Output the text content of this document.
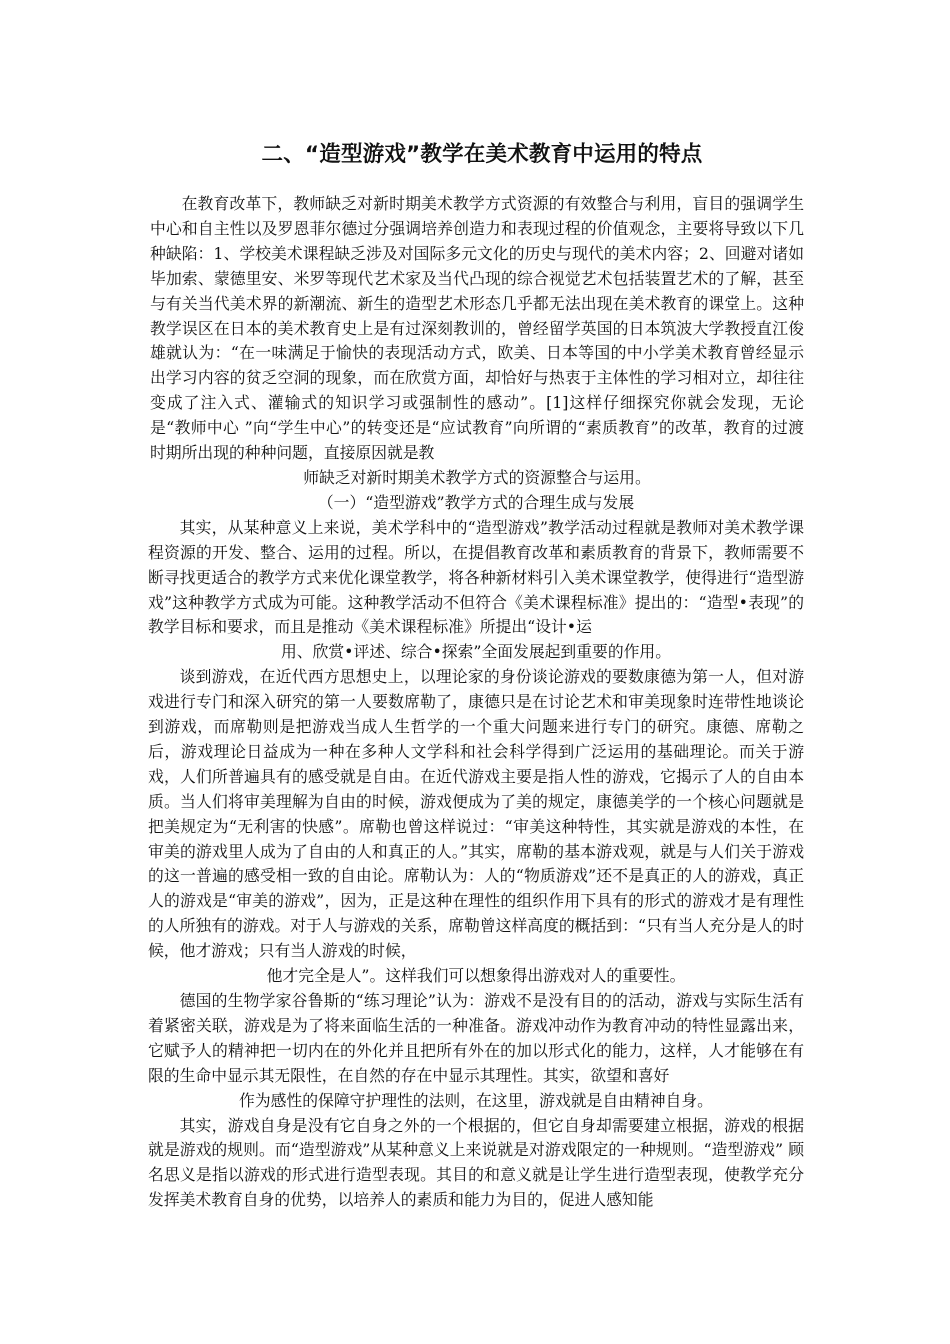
二、“造型游戏”教学在美术教育中运用的特点

在教育改革下，教师缺乏对新时期美术教学方式资源的有效整合与利用，盲目的强调学生中心和自主性以及罗恩菲尔德过分强调培养创造力和表现过程的价值观念，主要将导致以下几种缺陷：1、学校美术课程缺乏涉及对国际多元文化的历史与现代的美术内容；2、回避对诸如毕加索、蒙德里安、米罗等现代艺术家及当代凸现的综合视觉艺术包括装置艺术的了解，甚至与有关当代美术界的新潮流、新生的造型艺术形态几乎都无法出现在美术教育的课堂上。这种教学误区在日本的美术教育史上是有过深刻教训的，曾经留学英国的日本筑波大学教授直江俊雄就认为：“在一味满足于愉快的表现活动方式，欧美、日本等国的中小学美术教育曾经显示出学习内容的贫乏空洞的现象，而在欣赏方面，却恰好与热衷于主体性的学习相对立，却往往变成了注入式、灌输式的知识学习或强制性的感动”。[1]这样仔细探究你就会发现，无论是“教师中心 ”向“学生中心”的转变还是“应试教育”向所谓的“素质教育”的改革，教育的过渡时期所出现的种种问题，直接原因就是教
师缺乏对新时期美术教学方式的资源整合与运用。

（一）“造型游戏”教学方式的合理生成与发展

其实，从某种意义上来说，美术学科中的“造型游戏”教学活动过程就是教师对美术教学课程资源的开发、整合、运用的过程。所以，在提倡教育改革和素质教育的背景下，教师需要不断寻找更适合的教学方式来优化课堂教学，将各种新材料引入美术课堂教学，使得进行“造型游戏”这种教学方式成为可能。这种教学活动不但符合《美术课程标准》提出的：“造型•表现”的教学目标和要求，而且是推动《美术课程标准》所提出“设计•运
用、欣赏•评述、综合•探索”全面发展起到重要的作用。

谈到游戏，在近代西方思想史上，以理论家的身份谈论游戏的要数康德为第一人，但对游戏进行专门和深入研究的第一人要数席勒了，康德只是在讨论艺术和审美现象时连带性地谈论到游戏，而席勒则是把游戏当成人生哲学的一个重大问题来进行专门的研究。康德、席勒之后，游戏理论日益成为一种在多种人文学科和社会科学得到广泛运用的基础理论。而关于游戏，人们所普遍具有的感受就是自由。在近代游戏主要是指人性的游戏，它揭示了人的自由本质。当人们将审美理解为自由的时候，游戏便成为了美的规定，康德美学的一个核心问题就是把美规定为“无利害的快感”。席勒也曾这样说过：“审美这种特性，其实就是游戏的本性，在审美的游戏里人成为了自由的人和真正的人。”其实，席勒的基本游戏观，就是与人们关于游戏的这一普遍的感受相一致的自由论。席勒认为：人的“物质游戏”还不是真正的人的游戏，真正人的游戏是“审美的游戏”，因为，正是这种在理性的组织作用下具有的形式的游戏才是有理性的人所独有的游戏。对于人与游戏的关系，席勒曾这样高度的概括到：“只有当人充分是人的时候，他才游戏；只有当人游戏的时候，
他才完全是人”。这样我们可以想象得出游戏对人的重要性。

德国的生物学家谷鲁斯的“练习理论”认为：游戏不是没有目的的活动，游戏与实际生活有着紧密关联，游戏是为了将来面临生活的一种准备。游戏冲动作为教育冲动的特性显露出来，它赋予人的精神把一切内在的外化并且把所有外在的加以形式化的能力，这样，人才能够在有限的生命中显示其无限性，在自然的存在中显示其理性。其实，欲望和喜好
作为感性的保障守护理性的法则，在这里，游戏就是自由精神自身。

其实，游戏自身是没有它自身之外的一个根据的，但它自身却需要建立根据，游戏的根据就是游戏的规则。而“造型游戏”从某种意义上来说就是对游戏限定的一种规则。“造型游戏” 顾名思义是指以游戏的形式进行造型表现。其目的和意义就是让学生进行造型表现，使教学充分发挥美术教育自身的优势，以培养人的素质和能力为目的，促进人感知能
